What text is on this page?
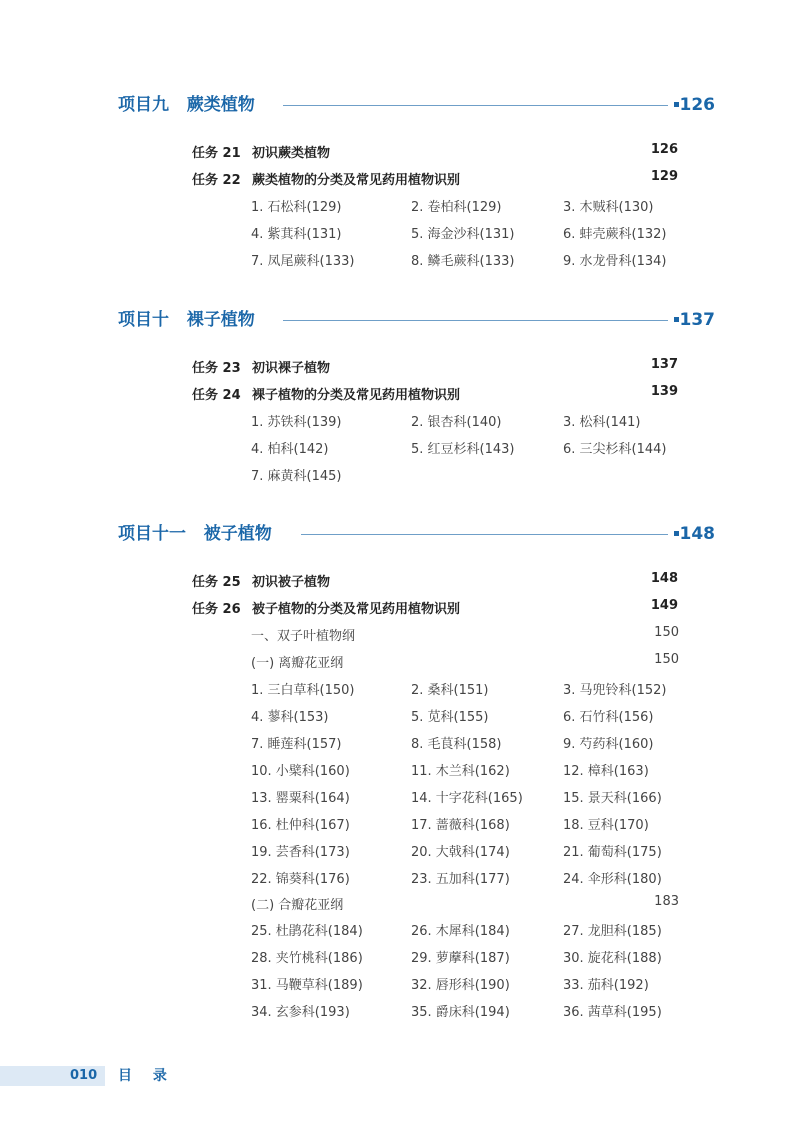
项目九   蕨类植物	126
任务 21 初识蕨类植物	126
任务 22 蕨类植物的分类及常见药用植物识别	129
1. 石松科(129)	2. 卷柏科(129)	3. 木贼科(130)
4. 紫萁科(131)	5. 海金沙科(131)	6. 蚌壳蕨科(132)
7. 凤尾蕨科(133)	8. 鳞毛蕨科(133)	9. 水龙骨科(134)
项目十   裸子植物	137
任务 23 初识裸子植物	137
任务 24 裸子植物的分类及常见药用植物识别	139
1. 苏铁科(139)	2. 银杏科(140)	3. 松科(141)
4. 柏科(142)	5. 红豆杉科(143)	6. 三尖杉科(144)
7. 麻黄科(145)
项目十一   被子植物	148
任务 25 初识被子植物	148
任务 26 被子植物的分类及常见药用植物识别	149
一、双子叶植物纲	150
(一) 离瓣花亚纲	150
1. 三白草科(150)	2. 桑科(151)	3. 马兜铃科(152)
4. 蓼科(153)	5. 苋科(155)	6. 石竹科(156)
7. 睡莲科(157)	8. 毛茛科(158)	9. 芍药科(160)
10. 小檗科(160)	11. 木兰科(162)	12. 樟科(163)
13. 罂粟科(164)	14. 十字花科(165)	15. 景天科(166)
16. 杜仲科(167)	17. 蔷薇科(168)	18. 豆科(170)
19. 芸香科(173)	20. 大戟科(174)	21. 葡萄科(175)
22. 锦葵科(176)	23. 五加科(177)	24. 伞形科(180)
(二) 合瓣花亚纲	183
25. 杜鹃花科(184)	26. 木犀科(184)	27. 龙胆科(185)
28. 夹竹桃科(186)	29. 萝藦科(187)	30. 旋花科(188)
31. 马鞭草科(189)	32. 唇形科(190)	33. 茄科(192)
34. 玄参科(193)	35. 爵床科(194)	36. 茜草科(195)
010 目 录
